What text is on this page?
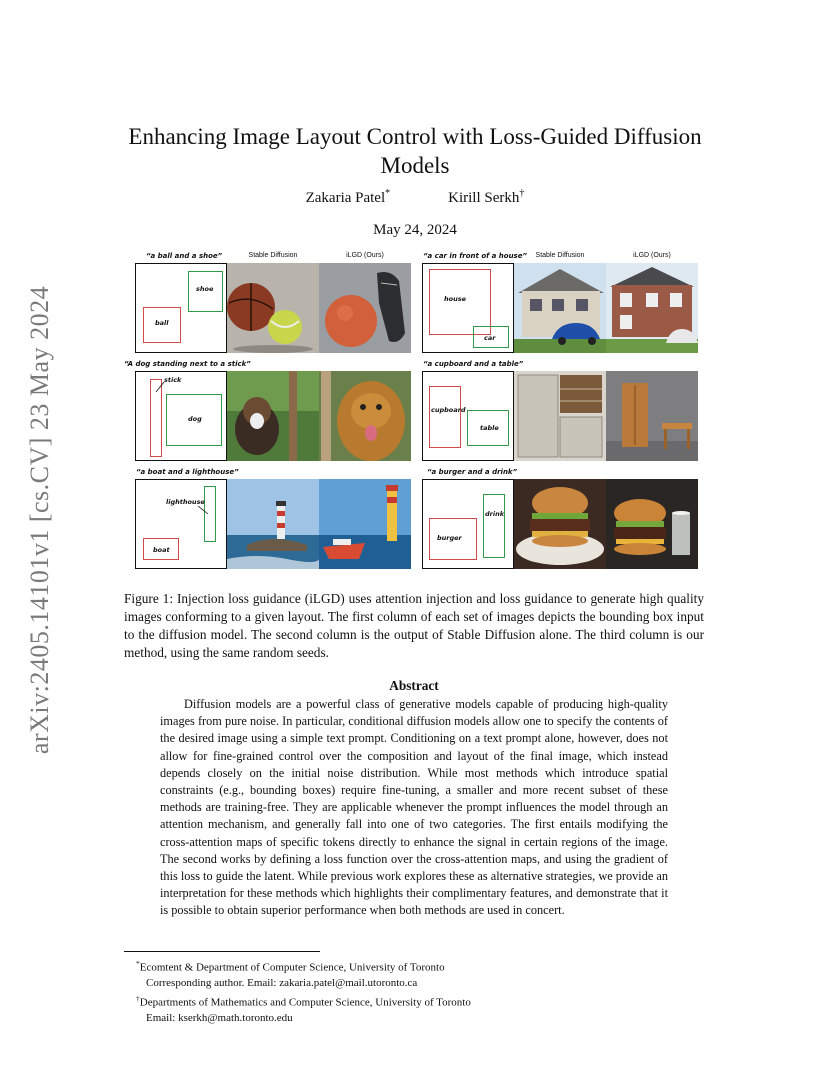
arXiv:2405.14101v1 [cs.CV] 23 May 2024
Enhancing Image Layout Control with Loss-Guided Diffusion Models
Zakaria Patel*	Kirill Serkh†
May 24, 2024
“a ball and a shoe”	Stable Diffusion	iLGD (Ours)
shoe
ball
“a car in front of a house”	Stable Diffusion	iLGD (Ours)
house
car
“A dog standing next to a stick”
stick
dog
“a cupboard and a table”
cupboard
table
“a boat and a lighthouse”
lighthouse
boat
“a burger and a drink”
drink
burger
Figure 1: Injection loss guidance (iLGD) uses attention injection and loss guidance to generate high quality images conforming to a given layout. The first column of each set of images depicts the bounding box input to the diffusion model. The second column is the output of Stable Diffusion alone. The third column is our method, using the same random seeds.
Abstract
Diffusion models are a powerful class of generative models capable of producing high-quality images from pure noise. In particular, conditional diffusion models allow one to specify the contents of the desired image using a simple text prompt. Conditioning on a text prompt alone, however, does not allow for fine-grained control over the composition and layout of the final image, which instead depends closely on the initial noise distribution. While most methods which introduce spatial constraints (e.g., bounding boxes) require fine-tuning, a smaller and more recent subset of these methods are training-free. They are applicable whenever the prompt influences the model through an attention mechanism, and generally fall into one of two categories. The first entails modifying the cross-attention maps of specific tokens directly to enhance the signal in certain regions of the image. The second works by defining a loss function over the cross-attention maps, and using the gradient of this loss to guide the latent. While previous work explores these as alternative strategies, we provide an interpretation for these methods which highlights their complimentary features, and demonstrate that it is possible to obtain superior performance when both methods are used in concert.

*Ecomtent & Department of Computer Science, University of Toronto

Corresponding author. Email: zakaria.patel@mail.utoronto.ca

†Departments of Mathematics and Computer Science, University of Toronto

Email: kserkh@math.toronto.edu
